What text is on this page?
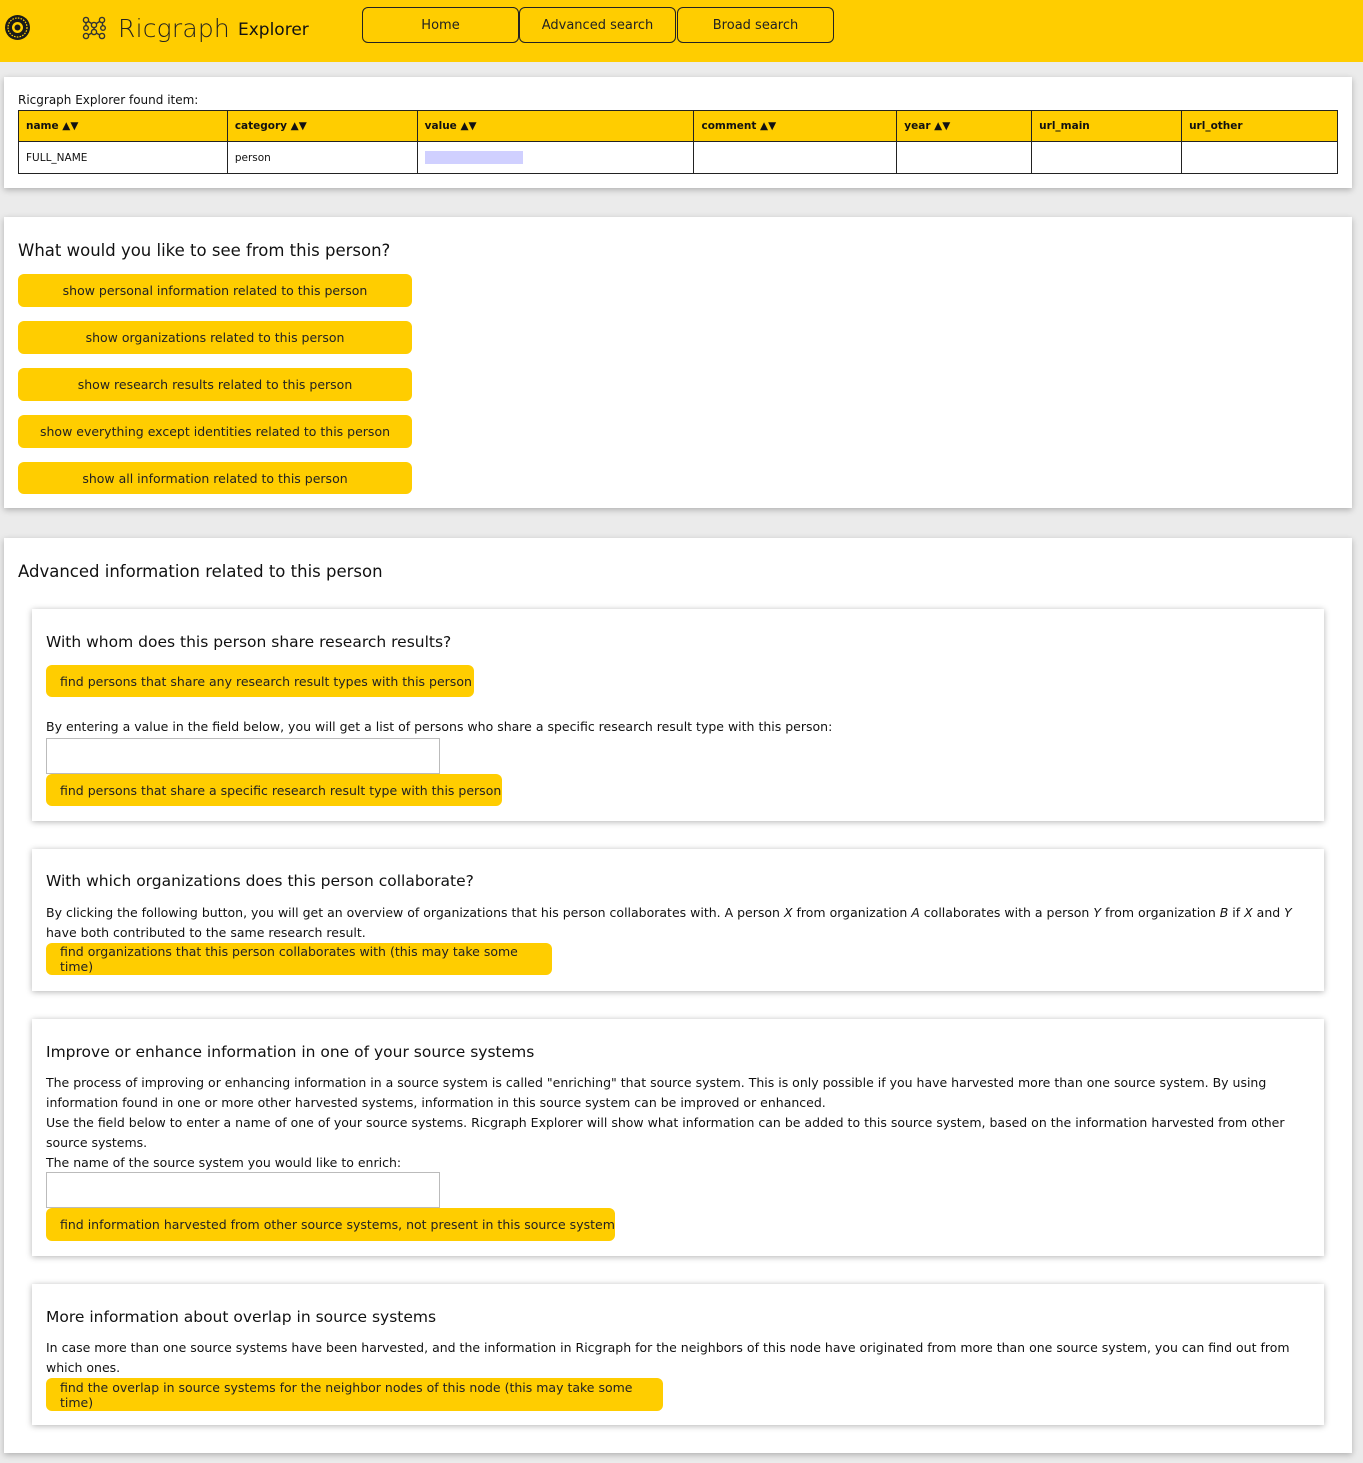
Ricgraph Explorer	Home	Advanced search	Broad search
Ricgraph Explorer found item:
name ▲▼	category ▲▼	value ▲▼	comment ▲▼	year ▲▼	url_main	url_other
FULL_NAME	person					
What would you like to see from this person?
show personal information related to this person
show organizations related to this person
show research results related to this person
show everything except identities related to this person
show all information related to this person
Advanced information related to this person
With whom does this person share research results?
find persons that share any research result types with this person

By entering a value in the field below, you will get a list of persons who share a specific research result type with this person:

find persons that share a specific research result type with this person
With which organizations does this person collaborate?

By clicking the following button, you will get an overview of organizations that his person collaborates with. A person X from organization A collaborates with a person Y from organization B if X and Y have both contributed to the same research result.

find organizations that this person collaborates with (this may take some time)
Improve or enhance information in one of your source systems

The process of improving or enhancing information in a source system is called "enriching" that source system. This is only possible if you have harvested more than one source system. By using information found in one or more other harvested systems, information in this source system can be improved or enhanced.
Use the field below to enter a name of one of your source systems. Ricgraph Explorer will show what information can be added to this source system, based on the information harvested from other source systems.
The name of the source system you would like to enrich:

find information harvested from other source systems, not present in this source system
More information about overlap in source systems

In case more than one source systems have been harvested, and the information in Ricgraph for the neighbors of this node have originated from more than one source system, you can find out from which ones.

find the overlap in source systems for the neighbor nodes of this node (this may take some time)
